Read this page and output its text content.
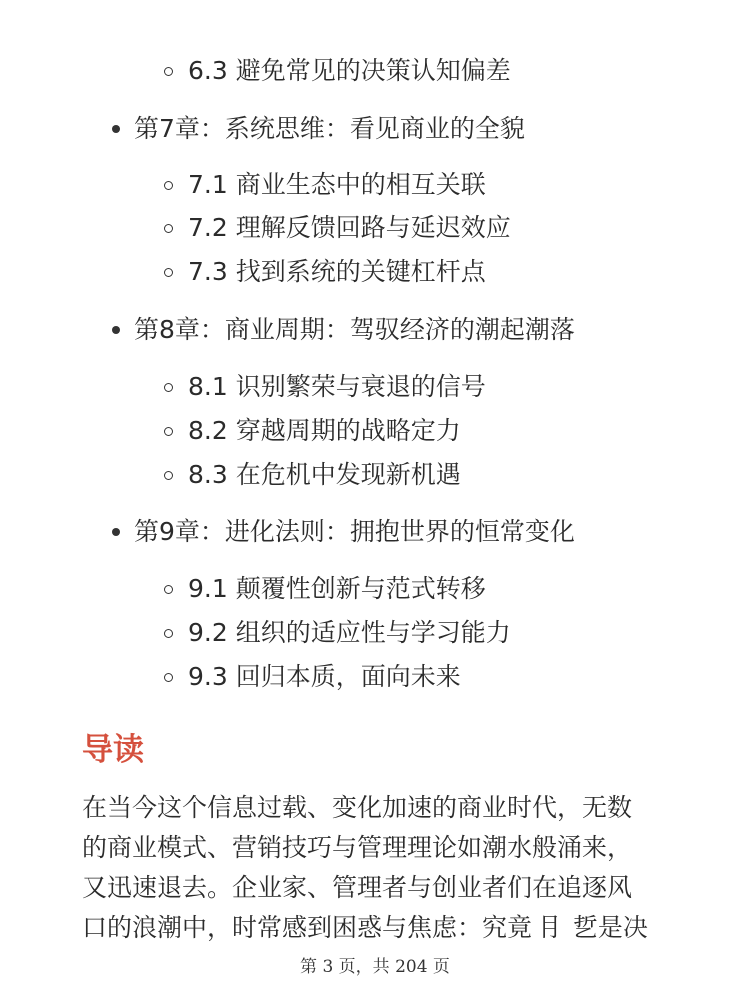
6.3 避免常见的决策认知偏差
第7章：系统思维：看见商业的全貌
7.1 商业生态中的相互关联
7.2 理解反馈回路与延迟效应
7.3 找到系统的关键杠杆点
第8章：商业周期：驾驭经济的潮起潮落
8.1 识别繁荣与衰退的信号
8.2 穿越周期的战略定力
8.3 在危机中发现新机遇
第9章：进化法则：拥抱世界的恒常变化
9.1 颠覆性创新与范式转移
9.2 组织的适应性与学习能力
9.3 回归本质，面向未来
导读
在当今这个信息过载、变化加速的商业时代，无数
的商业模式、营销技巧与管理理论如潮水般涌来，
又迅速退去。企业家、管理者与创业者们在追逐风
口的浪潮中，时常感到困惑与焦虑：究竟 ⺝ 乴是决
第 3 页，共 204 页
